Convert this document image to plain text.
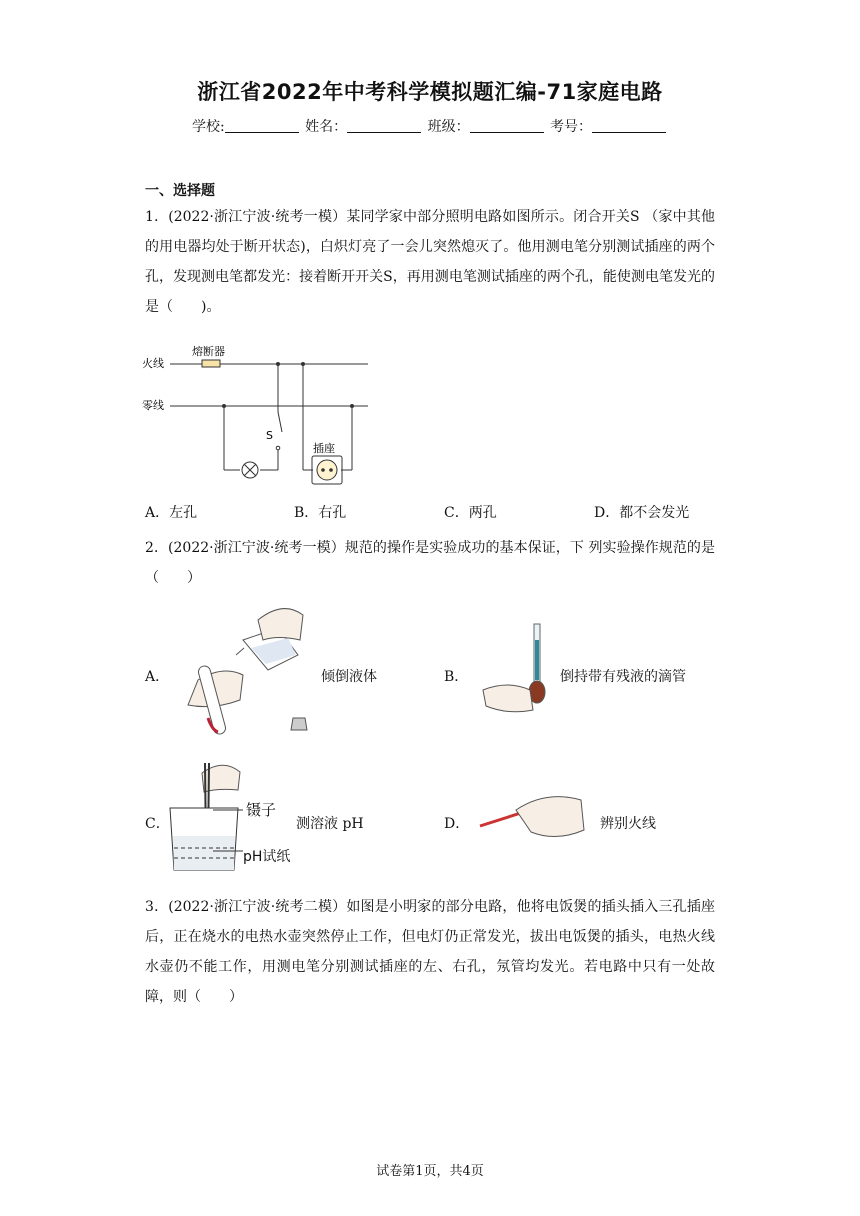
浙江省2022年中考科学模拟题汇编-71家庭电路
学校:	姓名：	班级：	考号：
一、选择题
1．(2022·浙江宁波·统考一模）某同学家中部分照明电路如图所示。闭合开关S （家中其他的用电器均处于断开状态)，白炽灯亮了一会儿突然熄灭了。他用测电笔分别测试插座的两个孔，发现测电笔都发光：接着断开开关S，再用测电笔测试插座的两个孔，能使测电笔发光的是（　　)。
火线
零线
熔断器
S
插座
A．左孔	B．右孔	C．两孔	D．都不会发光
2．(2022·浙江宁波·统考一模）规范的操作是实验成功的基本保证，下 列实验操作规范的是（　　）
A．	倾倒液体	B．	倒持带有残液的滴管
C．
镊子
pH试纸
测溶液 pH	D．	辨别火线
3．(2022·浙江宁波·统考二模）如图是小明家的部分电路，他将电饭煲的插头插入三孔插座后，正在烧水的电热水壶突然停止工作，但电灯仍正常发光，拔出电饭煲的插头，电热火线水壶仍不能工作，用测电笔分别测试插座的左、右孔，氖管均发光。若电路中只有一处故障，则（　　）
试卷第1页，共4页
